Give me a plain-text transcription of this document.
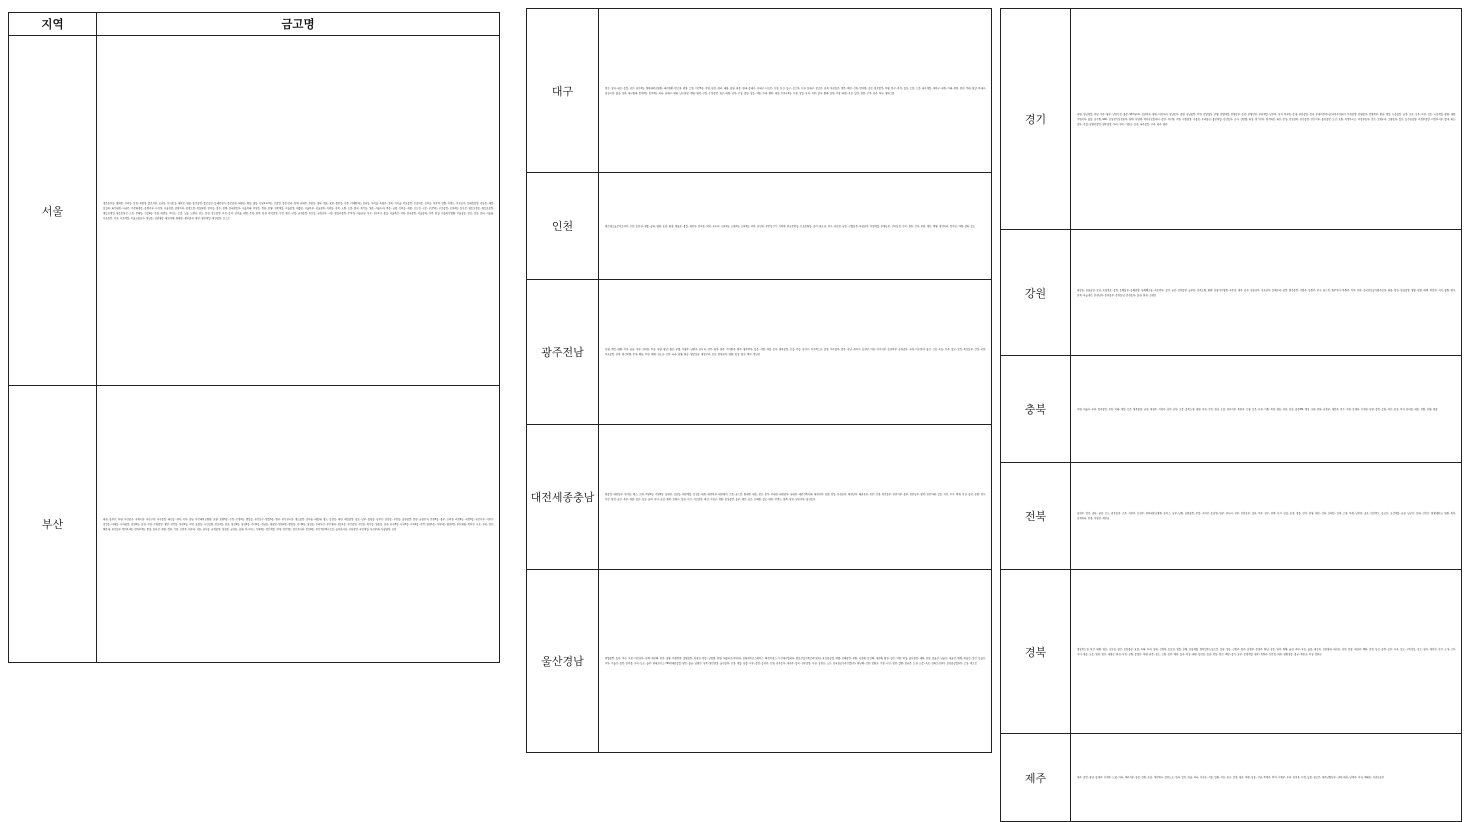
지역	금고명
서울	청운효자동, 광화문, 사직동, 삼청, 세검정, 종로서부, 교남동, 인사동길, 대학로, 명륜, 종로중앙, 종로승인, 동대문상가, 종로중부, 회현동, 명동, 필동, 신당1.2.3동, 신중앙, 중림.만리, 청계, 남대문, 후암동, 청파, 원효, 효창, 용문동, 이촌, 이태원1동, 한남동, 우리들, 독립문, 홍제, 서서울, 마포중앙, 신공덕동, 신마포, 마포역, 망원, 이랜드, 마포공덕, 동대문중앙, 전농동, 배봉, 답십리, 회기휘경, 더좋은, 이문휘경동, 중랑서부, 사가정, 서울상봉, 중랑우리, 중랑으뜸, 목동화랑, 망우동, 용두, 청계, 동대문동부, 서울미래, 안암동, 정릉, 한양, 성북제일, 서울중앙, 새종암, 서울북부, 서울장위, 석관동, 강북, 노원, 도봉, 월곡, 제기동, 성북, 서울누리, 목동, 금빛, 신목동, 세종, 신도림, 구로, 구로5동, 구로중앙, 오류2동, 동구로, 영등포본동, 영등포중앙, 영등포제일, 영등포당산, 도림, 문래동, 신길2동, 한결, 대림동, 여의도, 신길, 노들, 노량진, 상도, 한강, 상도중앙, 흑석, 동작, 남서울, 대방, 은천, 관악, 봉천, 관악중앙, 신림, 원신, 난향, 금천중앙, 독산동, 금천남부, 시흥, 왕십리중앙, 무지개, 서울금남, 옥수, 성수1가, 용답, 서울축산, 마천, 송파중앙, 서울송파, 가락, 잠실, 서울아산병원, 서울강동, 천호, 성동, 송파, 서울숲, 서초중앙, 서초, 서초제일, 서울교통공사, 청담동, 강남영동, 광진자양, 화양동, 광진중곡, 광진, 광진제일, 광진중앙, 포스코
부산	대청, 중부산, 부평, 부산중구, 국제시장, 부산구덕, 서구중앙, 대신동, 천마, 서부, 송남, 부산대학교병원, 초량, 초량3동, 수정, 수정2동, 범일동, 부산동구, 범일5동, 범곡, 부산진시장, 영도중앙, 한아름, 태종대, 영도, 동삼동, 대연, 대연중앙, 용호, 남부, 용당동, 남부산, 감만동, 우암동, 남부중앙, 문현, 금융단지, 문현3동, 용주, 신괴정, 괴정2동, 괴정3동, 부산서부, 서부산, 장림동, 다대동, 사하중앙, 감천2동, 남천, 수영, 수영중앙, 광안, 민락동, 부전1동, 서면, 초읍동, 시민공원, 전포2동, 전포, 당감2동, 당감4동, 가야1동, 개금동, 새희망, 범천2동, 범천동, 가야2동, 당감동, 우리부산, 부산평화, 전포1동, 부산중앙, 수민동, 복산동, 명륜동, 온천, 온천3동, 사직3동, 사직2동, 안락, 명장1동, 사직1동, 명장2동, 부산화명, 북부산, 구포, 우리, 장산, 해운대, 부산동부, 반여1.4동, 반여2.3동, 반송, 동부산, 센텀, 정관, 기장, 신앙촌, 새우리, 서동, 금사동, 금정중앙, 장전동, 금성동, 금샘, 아시아드, 거제4동, 연산제일, 연제, 연산3동, 연산로터리, 연산6동, 부산개인택시조합, 늘푸른사상, 사상중앙, 부산제일, 부산주례, 사상냉정, 승학
대구	봉산, 성내, 대신, 동일, 남산, 남산4동, 경북대학교병원, 대구원광, 반고개, 광장, 으뜸, 비산5동, 만평, 평성, 평리, 대평, 중평, 와룡, 원대, 중대구, 서대구, 더조은, 신암, 동신, 동구, 큰고개, 신천, 동대구, 참조은, 효목, 부전동은, 방촌, 해안, 신평, 반야월, 공산, 불로봉무, 아양, 복구, 북성, 칠성, 오봉, 드림, 대구제일, 새북구, 대경, 미래, 복현, 검단, 무태, 팔달, 북대구, 칠성시장, 팔공, 성북, 대구원대, 봉덕2동, 봉덕3동, 하나, 남대구, 대명, 남구희망, 계명, 명덕, 구일, 수성중앙, 청구, 대원, 남부, 수성, 중동, 상동, 지범, 두레, 행복, 대성, 두류1.2동, 두류, 성일, 우리, 서부, 달서, 월배, 송현, 가창, 화원, 옥포, 달성, 현풍, 구지, 유가, 다사, 명화그룹
인천	엠코테크놀로지코리아, 신선, 동인천, 영종, 숭화, 평화, 숭림, 회망, 제물포, 용일, 새인천, 한마음, 학익, 온누리, 도화1동, 도화2동, 도화3동, 주안, 남인천, 주안동신기, 석바위, 관교문학동, 신포문화동, 숭의, 화도진, 연수, 상인천, 남동, 구월남촌, 부평남부, 부평제일, 부평동부, 산곡십정, 산곡, 청천, 신성, 부평, 계산, 계양, 경인아라, 정서진, 서해, 강화, 송도
광주전남	동명, 계림, 대광, 서석, 금남, 푸른, 한마음, 무진, 서양, 광남, 월산, 주월, 서광주, 남광주, 온누리, 상무, 화정, 염주, 기아광주, 광주, 광주북부, 동운, 서방, 제일, 동부, 광주중앙, 신흥, 무등, 동여수, 여수엑스포, 중앙, 여수중부, 충무, 진남, 새여수, 순천만, 여천, 여수서부, 순천북부, 순천중부, 구례, 여수한려, 돌산, 고흥, 녹동, 우주, 벌교, 보성, 목포동부, 산정, 국민, 목포중앙, 삼학, 영신학원, 문내, 해남, 무안, 해제, 진도군, 신안, 나주, 담양, 화순, 영암성심, 영암우리, 삼호, 함평천지, 영광, 법성, 염산, 백수, 정남진
대전세종충남	원중앙, 대전동부, 한마음, 예스, 소제, 가양1동, 가양2동, 동대전, 성남동, 대전제일, 삼성동, 대청, 대전북부, 대전대덕, 으뜸, 꿈드림, 원대전, 대흥, 창신, 충무, 서대전, 대전중부, 남대전, 대전건축사회, 대전서부, 한밭, 탄동, 유성온천, 대전남부, 대전온천, 천안, 성정, 천안동부, 천안서부, 중부, 천안남부, 광덕, 천안미래, 합동, 이인, 우구, 백제, 삼성, 중진, 온양, 정우, 아산, 탕정, 금산, 추부, 세종, 홍산, 홍성, 놀뫼, 부여, 금강, 행복, 보령시, 웅천, 서산, 서산중앙, 대산, 서천군, 청양, 홍성중앙, 홍주, 예산, 금오, 신례원, 삽교, 태안, 안면도, 원북, 당진, 당진서부, 당진동부
울산경남	반월중앙, 동부, 마산, 석전, 마산남부, 진해, 새진해, 함안, 밀양, 의령정암, 밀양중앙, 마창진, 반송, 남창원, 창원, 세플러코리아(유), 한화에어로스페이스, 해성디에스, 두산에너빌리티, 볼보건설기계코리아(유), 효성중공업, 벤텔, 김해중앙, 부원, 서김해, 동김해, 새김해, 활천, 칠산, 의창, 학성, 울산중앙, 태화, 강남, 중울산, 남울산, 새울산, 병영, 북울산, 일산, 동울산, 서부, 서울산, 중앙, 한마음, 우리, 농소, 울주, 현대모비스, HD현대중공업, 양산, 물금, 남양산, 상북, 양산중앙, 울산중부, 신정, 제일, 상봉, 서부, 중앙, 동진주, 신평, 진주동부, 새진주, 봉곡, 진주중앙, 사천, 삼천포, 노산, 한국항공우주산업(주), 새남해, 산청, 함양군, 거창, 시민, 창년, 갈양, 참좋은, 도천, 도봉, 옥포, 한화오션(주), 삼성중공업(주), 고성, 새고성
경기	낙원, 성남제일, 하남, 여주, 광주, 남한산성, 용문, SK hynix, 성남북부, 양평, 이천우리, 성남동부, 중원, 성남중앙, 이천, 안양협심, 안양, 안양제일, 안양동부, 동안, 안양만안, 부천제일, 남부천, 성지, 북부천, 송내, 부천중앙, 성곡, 온세미컨덕터코리아주식회사, 부천중앙, 안양중부, 안양북부, 광남, 제일, 시흥중앙, 금정, 군포, 신촌, 과천, 김포, 시흥제일, 광명, 세종, 수원서부, 팔달, 남수원, SKC, 삼성전기삼성전자, 평택, 서평택, 케이지모빌리티, 송탄, 서수원, 수원, 수원중앙, 서용인, 우리용인, 용인제일, 안산동부, 군자, 신반월, 화성, 경기서부, 경기화성, 화산, 안성, 안성장학, 안산중앙, 안산서부, 용인중앙, 오산, 호원, 의정부시고, 의정부동부, 보산, 고양누리, 고양동부, 일산, 동두천중앙, 의정부중앙, 의정부서부, 별내, 화도, 중부, 진접, 남양주중앙, 양주중앙, 우리, 전곡, 가평군, 포천, 파주중앙, 구리, 파주, 양주
강원	새강릉, 강릉솔향, 포남, 초당경포, 송정, 동해남부, 동해중앙, 동해해오름, 속초북부, 설악, 금강, 삼척중앙, 늘푸른, 삼척도원, 양양, 강릉아산병원, 주문진, 명주, 중부, 강릉남부, 속초남부, 동해우리, 중앙, 원주중앙, 신원주, 동원주, 단구, 꿈드림, 원주우리, 북원주, 치악, 문막, 한국인삼공사원주공장, 화종, 횡성, 횡성중앙, 영월, 평창, 태백, 북춘천, 서석, 철원, 양구, 인제, 하늘내린, 춘천남부, 춘천중부, 춘천동남, 춘천동부, 홍천, 화천, 소양강
충북	서원, 내울사, 우리, 청주중앙, 우암, 미래, 제일, 조은, 영운용암, 금천, 새청주, 서청주, 흥덕, 남부, 모충, 충북도청, 새빛, 푸른, 산미, 청남, 오송, 청주서부, 북청주, 오창, 보은, 옥천, 이원, 목청, 영동, 진천, 상진, 중주SM, 예성, 교현, 문화, 남충주, 새충주, 연수, 지현, 동제천, 신제천, 동현, 봉정, 증평, 괴산, 음성, 비석, 한마음, 대동, 삼왕, 단양, 애플
전북	남전주, 열린, 중부, 금암, 신도, 전주송천, 조촌, 서전주, 신전주, 전북대학교병원, 휴비스, 남부, 남원, 남원중앙, 운봉, 지리산, 동남원, 완주, 한누리, 진안, 진안동부, 설천, 무주, 장수, 장계, 산서, 임실, 순창, 정읍, 연지, 상명, 태인, 산외, 신태인, 김제, 고창, 부령, 남부안, 줄포, 변산반도, 동군산, 군산제일, 금강, 남군산, 인화, 신익산, 원광대학교, 원광, 북부, 김제하나, 만경, 지평선, 새만금
경북	경상북도청, 학산, 대양, 영포, 신포항, 형산, 포항용흥, 효용, 미래, 우리, 상대, 신경북, 동포항, 영일, 흥해, 포항제철, 경북향운노동조합, 성당, 성동, 신경주, 경주, 남경주, 동경주, 양남, 강동, 영덕, 영해, 울진, 죽변, 후포, 울릉, 새김천, 김천평화, 대신동, 삼덕, 함창, 새상주, 백화, 송정, 동신, 중앙, 공단, 사곡, 상모, 구미강동, 임오, 형곡, 새비산, 선산, 도개, 고아, 구미, 영동, 교동, 영천, 경산, 새경산, 화성, 부림, 진량, 동경산, 하양, 와촌, 청도, 고령, 성주, 예천, 칠곡, 북삼, 왜관, 동안동, 동남, 안동, 풍산, 백암, 풍기, 호주, 문경제일, 영주, 북영주, 신문경, 화천, 영양청송, 용궁, 예천군, 의성, 봉화군
제주	제주, 중앙, 용담, 동제주, 신제주, 노형, 아라, 제주서부, 동문, 한빛, 호남, 개인택시, 향운노조, 한라, 열린, 한솔, 하나, 서귀포, 서홍, 법환, 서호, 효근, 강정, 대포, 하원, 동홍, 산남, 북제주, 곽지, 서제주, 우리, 한마음, 우정, 납읍, 참조은, 제주남원동부, 신례, 태흥, 남제주, 의귀, 예래동, 서귀포동부
